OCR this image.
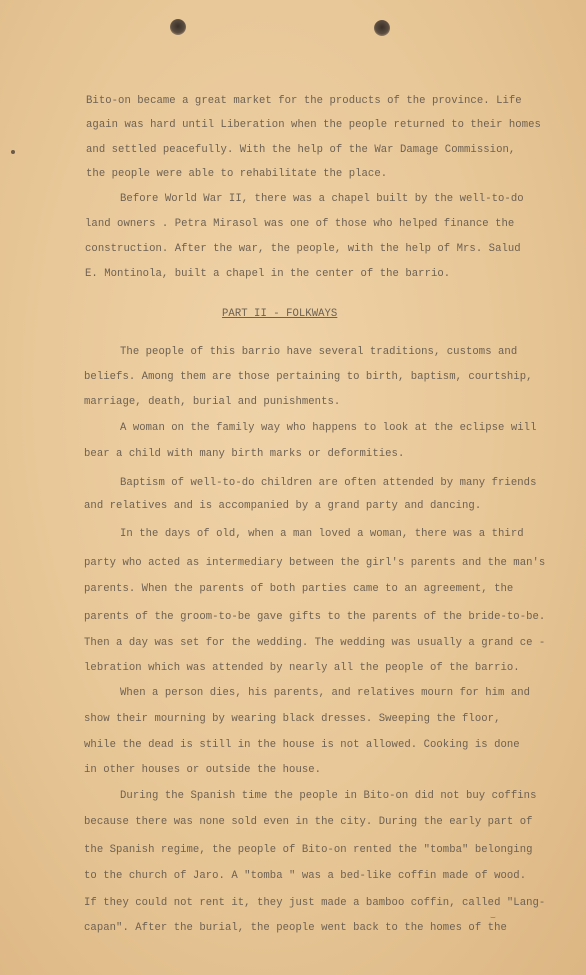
Bito-on became a great market for the products of the province. Life
again was hard until Liberation when the people returned to their homes
and settled peacefully. With the help of the War Damage Commission,
the people were able to rehabilitate the place.
Before World War II, there was a chapel built by the well-to-do
land owners . Petra Mirasol was one of those who helped finance the
construction. After the war, the people, with the help of Mrs. Salud
E. Montinola, built a chapel in the center of the barrio.
PART II - FOLKWAYS
The people of this barrio have several traditions, customs and
beliefs. Among them are those pertaining to birth, baptism, courtship,
marriage, death, burial and punishments.
A woman on the family way who happens to look at the eclipse will
bear a child with many birth marks or deformities.
Baptism of well-to-do children are often attended by many friends
and relatives and is accompanied by a grand party and dancing.
In the days of old, when a man loved a woman, there was a third
party who acted as intermediary between the girl's parents and the man's
parents. When the parents of both parties came to an agreement, the
parents of the groom-to-be gave gifts to the parents of the bride-to-be.
Then a day was set for the wedding. The wedding was usually a grand ce -
lebration which was attended by nearly all the people of the barrio.
When a person dies, his parents, and relatives mourn for him and
show their mourning by wearing black dresses. Sweeping the floor,
while the dead is still in the house is not allowed. Cooking is done
in other houses or outside the house.
During the Spanish time the people in Bito-on did not buy coffins
because there was none sold even in the city. During the early part of
the Spanish regime, the people of Bito-on rented the "tomba" belonging
to the church of Jaro. A "tomba " was a bed-like coffin made of wood.
If they could not rent it, they just made a bamboo coffin, called "Lang-
capan". After the burial, the people went back to the homes of the
⌣
